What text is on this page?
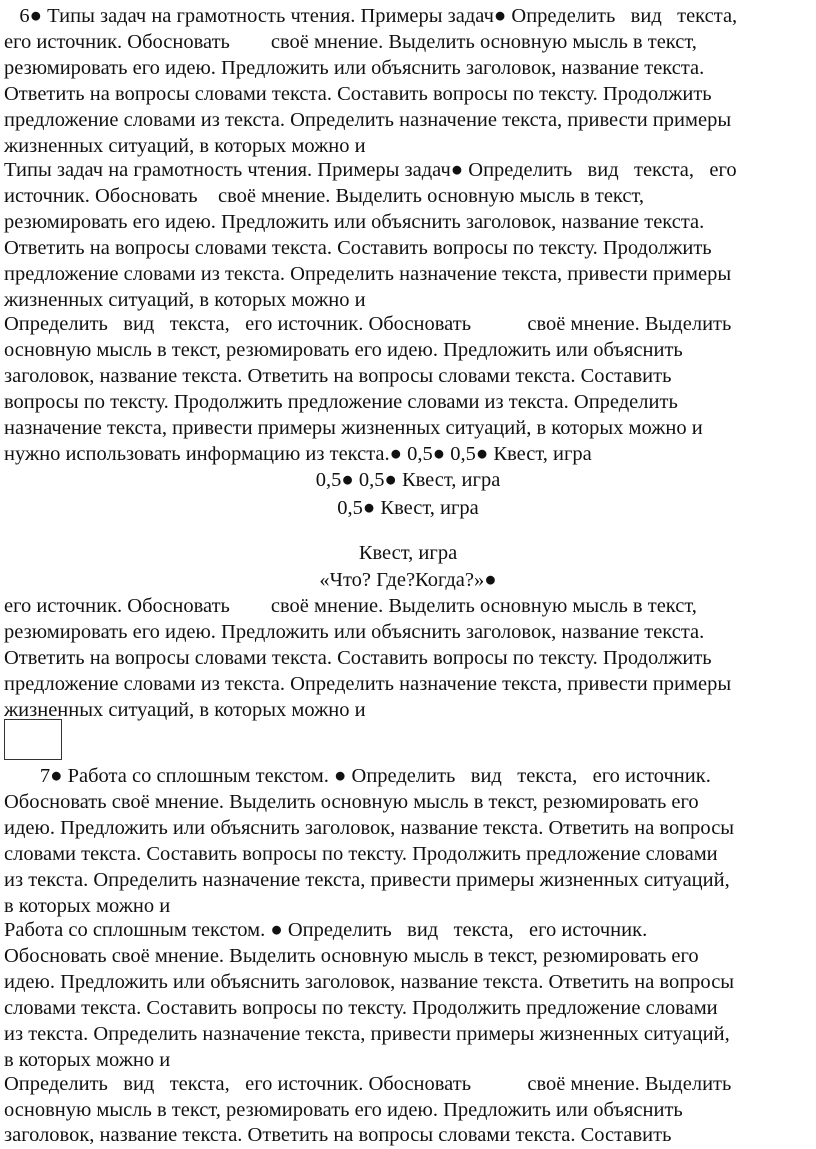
6● Типы задач на грамотность чтения. Примеры задач● Определить   вид   текста,
его источник. Обосновать        своё мнение. Выделить основную мысль в текст,
резюмировать его идею. Предложить или объяснить заголовок, название текста.
Ответить на вопросы словами текста. Составить вопросы по тексту. Продолжить
предложение словами из текста. Определить назначение текста, привести примеры
жизненных ситуаций, в которых можно и
Типы задач на грамотность чтения. Примеры задач● Определить   вид   текста,   его
источник. Обосновать    своё мнение. Выделить основную мысль в текст,
резюмировать его идею. Предложить или объяснить заголовок, название текста.
Ответить на вопросы словами текста. Составить вопросы по тексту. Продолжить
предложение словами из текста. Определить назначение текста, привести примеры
жизненных ситуаций, в которых можно и
Определить   вид   текста,   его источник. Обосновать           своё мнение. Выделить
основную мысль в текст, резюмировать его идею. Предложить или объяснить
заголовок, название текста. Ответить на вопросы словами текста. Составить
вопросы по тексту. Продолжить предложение словами из текста. Определить
назначение текста, привести примеры жизненных ситуаций, в которых можно и
нужно использовать информацию из текста.● 0,5● 0,5● Квест, игра
0,5● 0,5● Квест, игра
0,5● Квест, игра
Квест, игра
«Что? Где?Когда?»●
его источник. Обосновать        своё мнение. Выделить основную мысль в текст,
резюмировать его идею. Предложить или объяснить заголовок, название текста.
Ответить на вопросы словами текста. Составить вопросы по тексту. Продолжить
предложение словами из текста. Определить назначение текста, привести примеры
жизненных ситуаций, в которых можно и
7● Работа со сплошным текстом. ● Определить   вид   текста,   его источник.
Обосновать своё мнение. Выделить основную мысль в текст, резюмировать его
идею. Предложить или объяснить заголовок, название текста. Ответить на вопросы
словами текста. Составить вопросы по тексту. Продолжить предложение словами
из текста. Определить назначение текста, привести примеры жизненных ситуаций,
в которых можно и
Работа со сплошным текстом. ● Определить   вид   текста,   его источник.
Обосновать своё мнение. Выделить основную мысль в текст, резюмировать его
идею. Предложить или объяснить заголовок, название текста. Ответить на вопросы
словами текста. Составить вопросы по тексту. Продолжить предложение словами
из текста. Определить назначение текста, привести примеры жизненных ситуаций,
в которых можно и
Определить   вид   текста,   его источник. Обосновать           своё мнение. Выделить
основную мысль в текст, резюмировать его идею. Предложить или объяснить
заголовок, название текста. Ответить на вопросы словами текста. Составить
